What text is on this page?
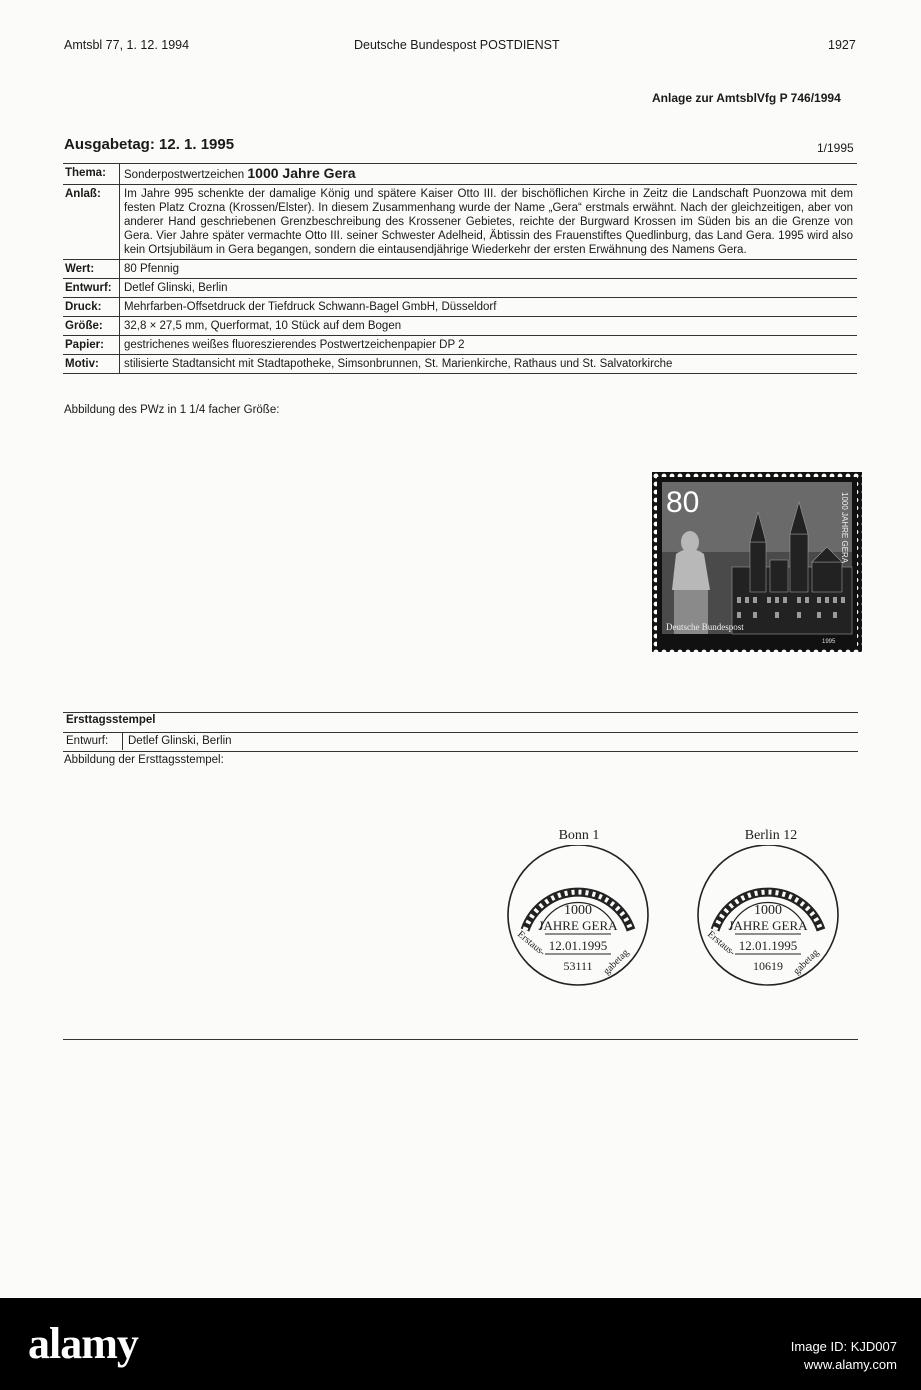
Amtsbl 77, 1. 12. 1994	Deutsche Bundespost POSTDIENST	1927
Anlage zur AmtsblVfg P 746/1994
Ausgabetag: 12. 1. 1995	1/1995
Thema:	Sonderpostwertzeichen 1000 Jahre Gera
Anlaß:	Im Jahre 995 schenkte der damalige König und spätere Kaiser Otto III. der bischöflichen Kirche in Zeitz die Landschaft Puonzowa mit dem festen Platz Crozna (Krossen/Elster). In diesem Zusammenhang wurde der Name „Gera“ erstmals erwähnt. Nach der gleichzeitigen, aber von anderer Hand geschriebenen Grenzbeschreibung des Krossener Gebietes, reichte der Burgward Krossen im Süden bis an die Grenze von Gera. Vier Jahre später vermachte Otto III. seiner Schwester Adelheid, Äbtissin des Frauenstiftes Quedlinburg, das Land Gera. 1995 wird also kein Ortsjubiläum in Gera begangen, sondern die eintausendjährige Wiederkehr der ersten Erwähnung des Namens Gera.
Wert:	80 Pfennig
Entwurf:	Detlef Glinski, Berlin
Druck:	Mehrfarben-Offsetdruck der Tiefdruck Schwann-Bagel GmbH, Düsseldorf
Größe:	32,8 × 27,5 mm, Querformat, 10 Stück auf dem Bogen
Papier:	gestrichenes weißes fluoreszierendes Postwertzeichenpapier DP 2
Motiv:	stilisierte Stadtansicht mit Stadtapotheke, Simsonbrunnen, St. Marienkirche, Rathaus und St. Salvatorkirche
Abbildung des PWz in 1 1/4 facher Größe:
80	1000 JAHRE GERA
Deutsche Bundespost
1995
Ersttagsstempel
Entwurf: Detlef Glinski, Berlin
Abbildung der Ersttagsstempel:
Bonn 1
1000
JAHRE GERA
12.01.1995
53111
Erstaus-
gabetag
Berlin 12
1000
JAHRE GERA
12.01.1995
10619
Erstaus-
gabetag
alamy	Image ID: KJD007
www.alamy.com
